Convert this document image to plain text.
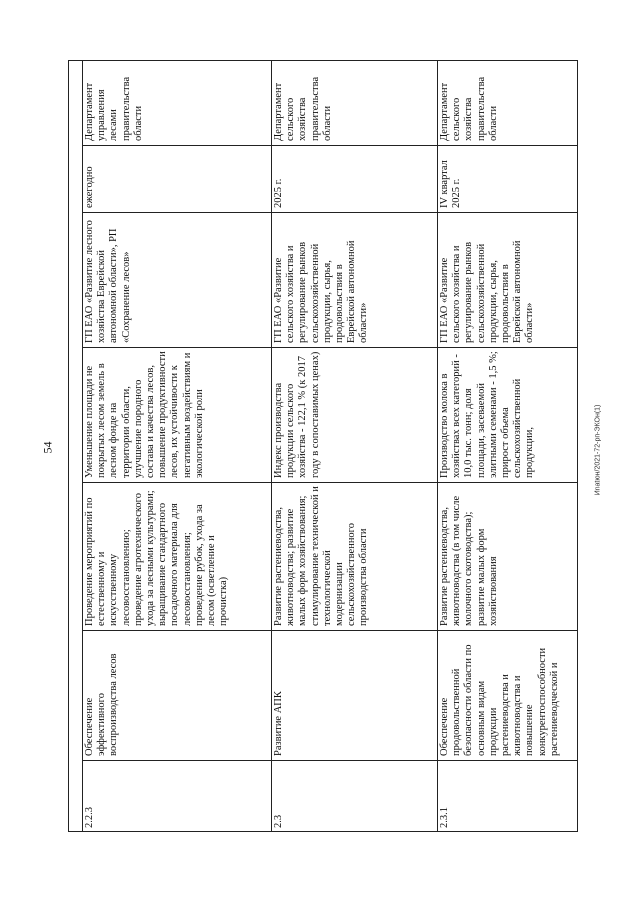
54	Иnatюн/2021-72-рп-ЭКОн(1)
2.2.3
Обеспечение эффективного воспроизводства лесов
Проведение мероприятий по естественному и искусственному лесовосстановлению; проведение агротехнического ухода за лесными культурами; выращивание стандартного посадочного материала для лесовосстановления; проведение рубок, ухода за лесом (осветление и прочистка)
Уменьшение площади не покрытых лесом земель в лесном фонде на территории области, улучшение породного состава и качества лесов, повышение продуктивности лесов, их устойчивости к негативным воздействиям и экологической роли
ГП ЕАО «Развитие лесного хозяйства Еврейской автономной области», РП «Сохранение лесов»
ежегодно
Департамент управления лесами правительства области
2.3
Развитие АПК
Развитие растениеводства, животноводства; развитие малых форм хозяйствования; стимулирование технической и технологической модернизации сельскохозяйственного производства области
Индекс производства продукции сельского хозяйства - 122,1 % (к 2017 году в сопоставимых ценах)
ГП ЕАО «Развитие сельского хозяйства и регулирование рынков сельскохозяйственной продукции, сырья, продовольствия в Еврейской автономной области»
2025 г.
Департамент сельского хозяйства правительства области
2.3.1
Обеспечение продовольственной безопасности области по основным видам продукции растениеводства и животноводства и повышение конкурентоспособности растениеводческой и
Развитие растениеводства, животноводства (в том числе молочного скотоводства); развитие малых форм хозяйствования
Производство молока в хозяйствах всех категорий - 10,0 тыс. тонн; доля площади, засеваемой элитными семенами - 1,5 %; прирост объема сельскохозяйственной продукции,
ГП ЕАО «Развитие сельского хозяйства и регулирование рынков сельскохозяйственной продукции, сырья, продовольствия в Еврейской автономной области»
IV квартал 2025 г.
Департамент сельского хозяйства правительства области
